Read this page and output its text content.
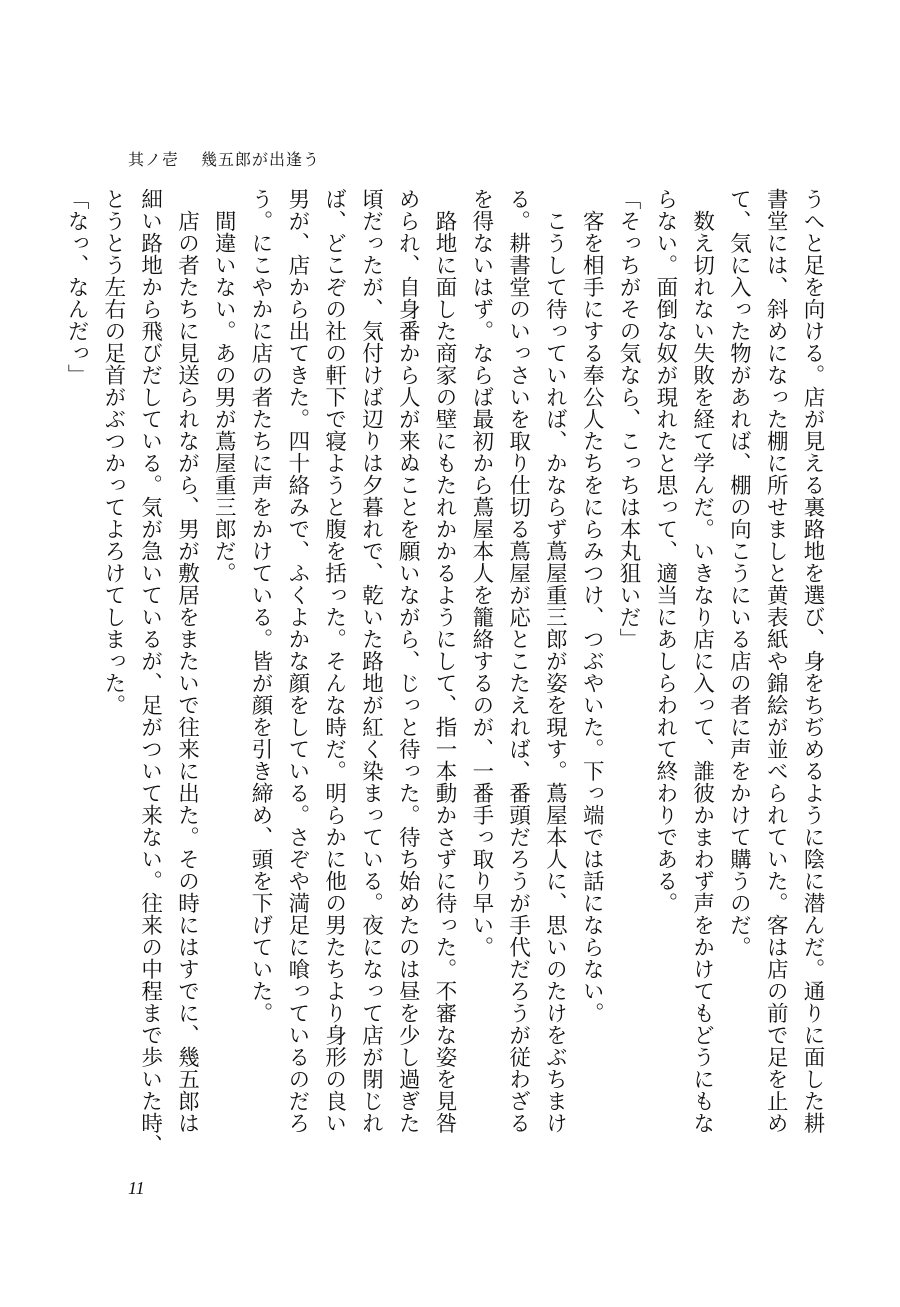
其ノ壱 幾五郎が出逢う

うへと足を向ける。店が見える裏路地を選び、身をちぢめるように陰に潜んだ。通りに面した耕
書堂には、斜めになった棚に所せましと黄表紙や錦絵が並べられていた。客は店の前で足を止め
て、気に入った物があれば、棚の向こうにいる店の者に声をかけて購うのだ。

　数え切れない失敗を経て学んだ。いきなり店に入って、誰彼かまわず声をかけてもどうにもな
らない。面倒な奴が現れたと思って、適当にあしらわれて終わりである。

「そっちがその気なら、こっちは本丸狙いだ」

　客を相手にする奉公人たちをにらみつけ、つぶやいた。下っ端では話にならない。

　こうして待っていれば、かならず蔦屋重三郎が姿を現す。蔦屋本人に、思いのたけをぶちまけ
る。耕書堂のいっさいを取り仕切る蔦屋が応とこたえれば、番頭だろうが手代だろうが従わざる
を得ないはず。ならば最初から蔦屋本人を籠絡するのが、一番手っ取り早い。

　路地に面した商家の壁にもたれかかるようにして、指一本動かさずに待った。不審な姿を見咎
められ、自身番から人が来ぬことを願いながら、じっと待った。待ち始めたのは昼を少し過ぎた
頃だったが、気付けば辺りは夕暮れで、乾いた路地が紅く染まっている。夜になって店が閉じれ
ば、どこぞの社の軒下で寝ようと腹を括った。そんな時だ。明らかに他の男たちより身形の良い
男が、店から出てきた。四十絡みで、ふくよかな顔をしている。さぞや満足に喰っているのだろ
う。にこやかに店の者たちに声をかけている。皆が顔を引き締め、頭を下げていた。

　間違いない。あの男が蔦屋重三郎だ。

　店の者たちに見送られながら、男が敷居をまたいで往来に出た。その時にはすでに、幾五郎は
細い路地から飛びだしている。気が急いているが、足がついて来ない。往来の中程まで歩いた時、
とうとう左右の足首がぶつかってよろけてしまった。

「なっ、なんだっ」

11
